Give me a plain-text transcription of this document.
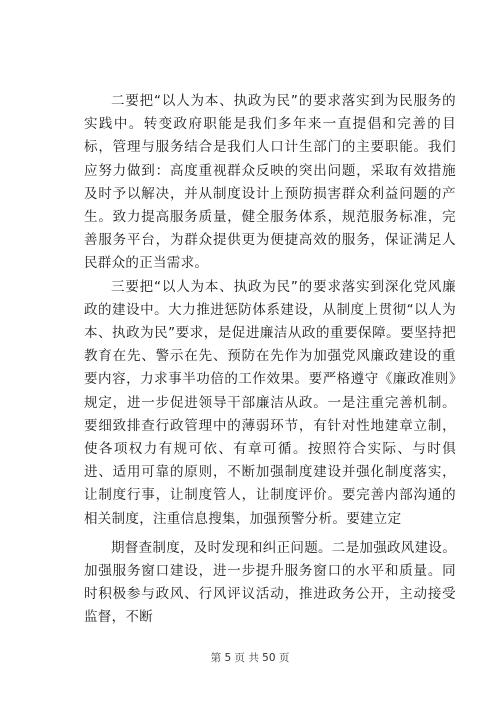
二要把“以人为本、执政为民”的要求落实到为民服务的实践中。转变政府职能是我们多年来一直提倡和完善的目标，管理与服务结合是我们人口计生部门的主要职能。我们应努力做到：高度重视群众反映的突出问题，采取有效措施及时予以解决，并从制度设计上预防损害群众利益问题的产生。致力提高服务质量，健全服务体系，规范服务标准，完善服务平台，为群众提供更为便捷高效的服务，保证满足人民群众的正当需求。

三要把“以人为本、执政为民”的要求落实到深化党风廉政的建设中。大力推进惩防体系建设，从制度上贯彻“以人为本、执政为民”要求，是促进廉洁从政的重要保障。要坚持把教育在先、警示在先、预防在先作为加强党风廉政建设的重要内容，力求事半功倍的工作效果。要严格遵守《廉政准则》规定，进一步促进领导干部廉洁从政。一是注重完善机制。要细致排查行政管理中的薄弱环节，有针对性地建章立制，使各项权力有规可依、有章可循。按照符合实际、与时俱进、适用可靠的原则，不断加强制度建设并强化制度落实，让制度行事，让制度管人，让制度评价。要完善内部沟通的相关制度，注重信息搜集，加强预警分析。要建立定

期督查制度，及时发现和纠正问题。二是加强政风建设。加强服务窗口建设，进一步提升服务窗口的水平和质量。同时积极参与政风、行风评议活动，推进政务公开，主动接受监督，不断

第 5 页 共 50 页
